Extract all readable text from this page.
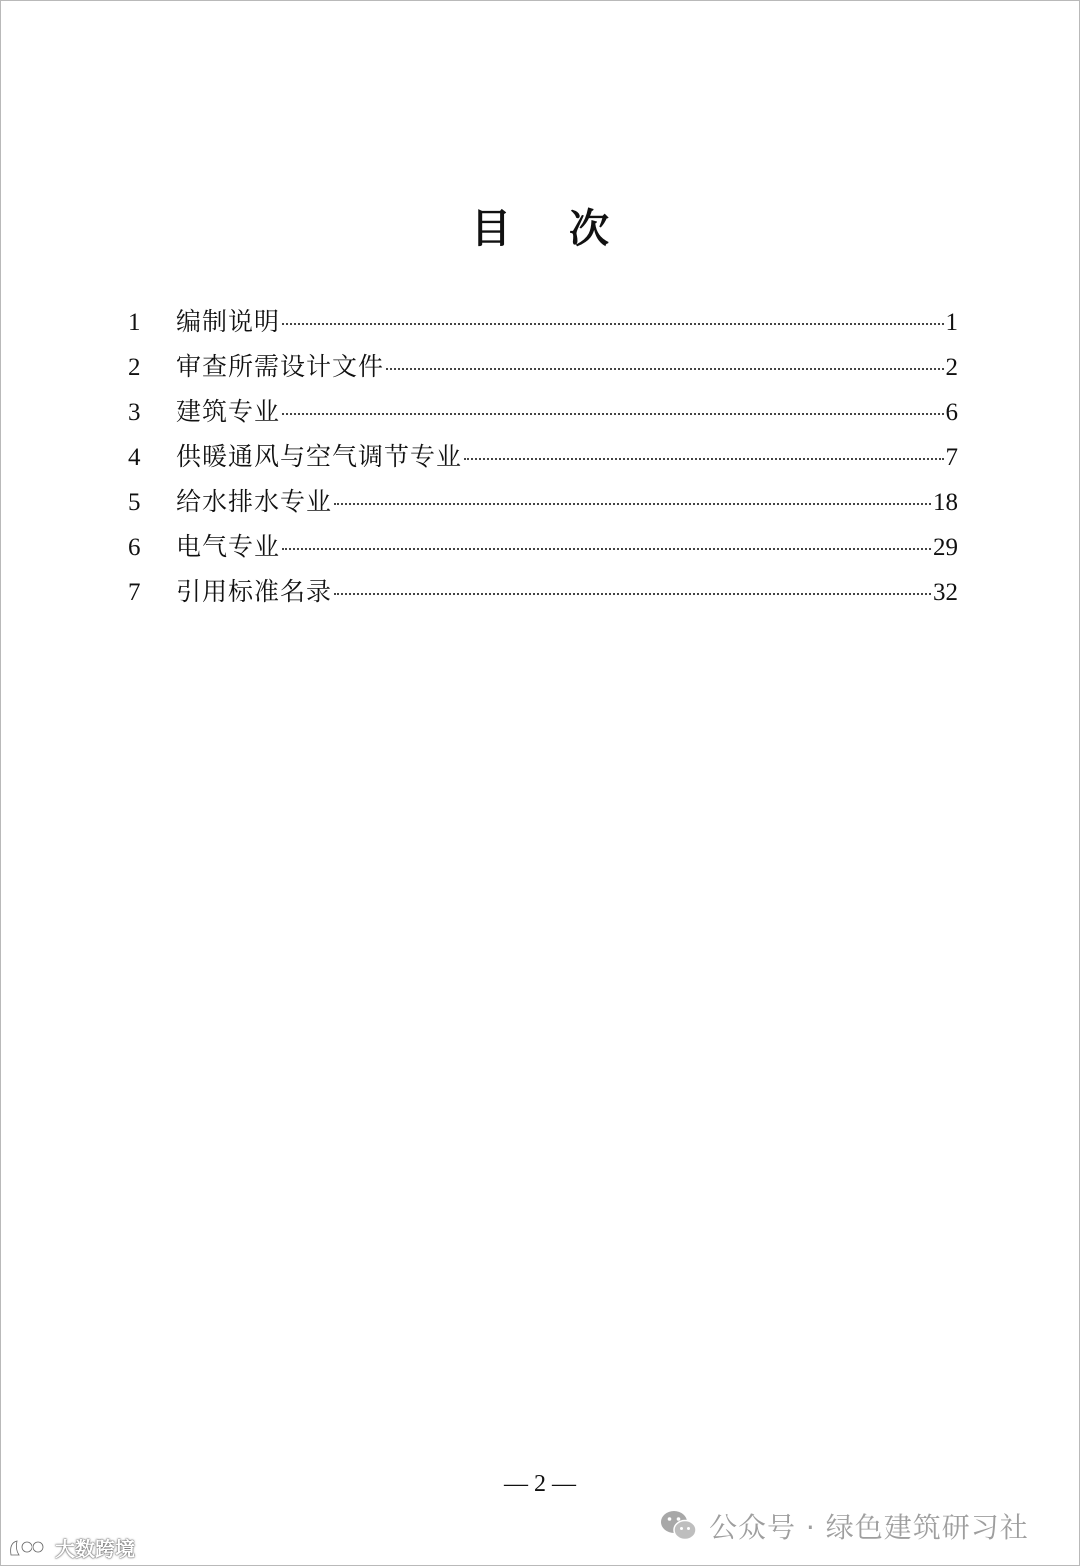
目 次
1	编制说明	1
2	审查所需设计文件	2
3	建筑专业	6
4	供暖通风与空气调节专业	7
5	给水排水专业	18
6	电气专业	29
7	引用标准名录	32
— 2 —
公众号 · 绿色建筑研习社
大数跨境
